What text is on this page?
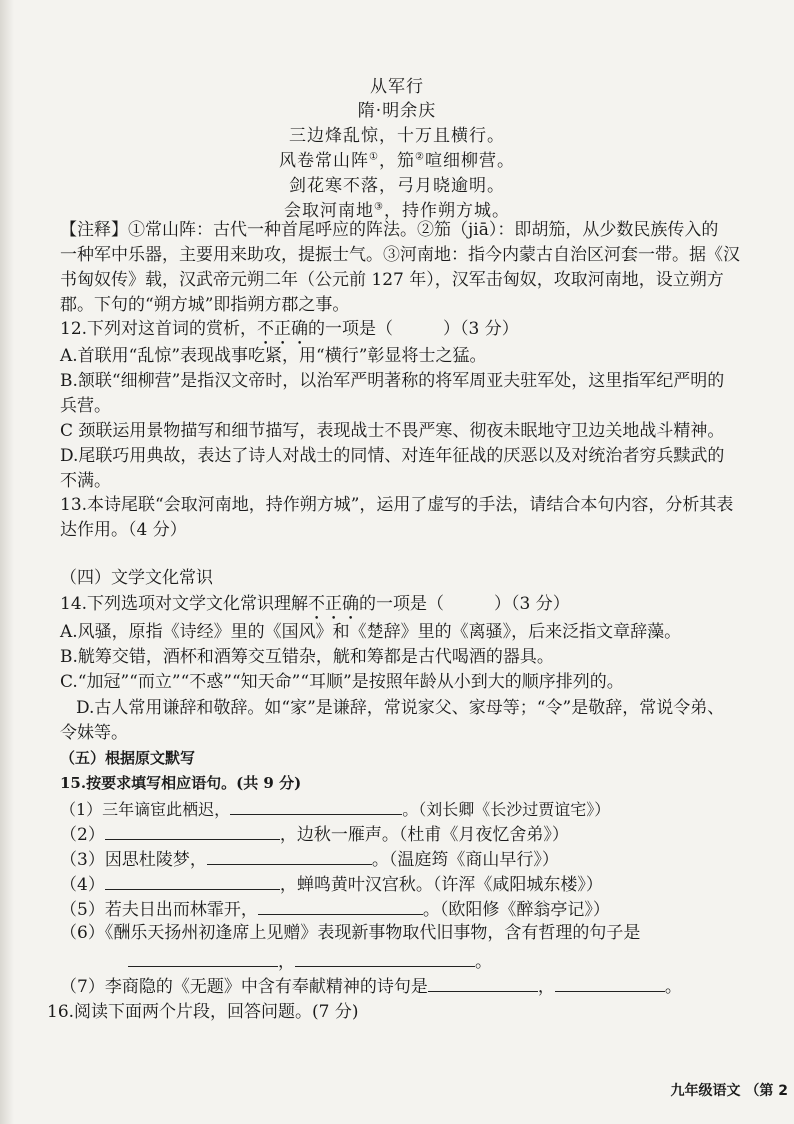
从军行
隋·明余庆
三边烽乱惊，十万且横行。
风卷常山阵①，笳②喧细柳营。
剑花寒不落，弓月晓逾明。
会取河南地③，持作朔方城。
【注释】①常山阵：古代一种首尾呼应的阵法。②笳（jiā）：即胡笳，从少数民族传入的
一种军中乐器，主要用来助攻，提振士气。③河南地：指今内蒙古自治区河套一带。据《汉
书匈奴传》载，汉武帝元朔二年（公元前 127 年），汉军击匈奴，攻取河南地，设立朔方
郡。下句的“朔方城”即指朔方郡之事。
12.下列对这首词的赏析，不正确的一项是（	）（3 分）
A.首联用“乱惊”表现战事吃紧，用“横行”彰显将士之猛。
B.颔联“细柳营”是指汉文帝时，以治军严明著称的将军周亚夫驻军处，这里指军纪严明的
兵营。
C 颈联运用景物描写和细节描写，表现战士不畏严寒、彻夜未眠地守卫边关地战斗精神。
D.尾联巧用典故，表达了诗人对战士的同情、对连年征战的厌恶以及对统治者穷兵黩武的
不满。
13.本诗尾联“会取河南地，持作朔方城”，运用了虚写的手法，请结合本句内容，分析其表
达作用。（4 分）
（四）文学文化常识
14.下列选项对文学文化常识理解不正确的一项是（	）（3 分）
A.风骚，原指《诗经》里的《国风》和《楚辞》里的《离骚》，后来泛指文章辞藻。
B.觥筹交错，酒杯和酒筹交互错杂，觥和筹都是古代喝酒的器具。
C.“加冠”“而立”“不惑”“知天命”“耳顺”是按照年龄从小到大的顺序排列的。
D.古人常用谦辞和敬辞。如“家”是谦辞，常说家父、家母等；“令”是敬辞，常说令弟、
令妹等。
（五）根据原文默写
15.按要求填写相应语句。(共 9 分)
（1）三年谪宦此栖迟，	。（刘长卿《长沙过贾谊宅》）
（2）	，边秋一雁声。（杜甫《月夜忆舍弟》）
（3）因思杜陵梦，	。（温庭筠《商山早行》）
（4）	，蝉鸣黄叶汉宫秋。（许浑《咸阳城东楼》）
（5）若夫日出而林霏开，	。（欧阳修《醉翁亭记》）
（6）《酬乐天扬州初逢席上见赠》表现新事物取代旧事物，含有哲理的句子是
，	。
（7）李商隐的《无题》中含有奉献精神的诗句是	，	。
16.阅读下面两个片段，回答问题。(7 分)
九年级语文 （第 2
